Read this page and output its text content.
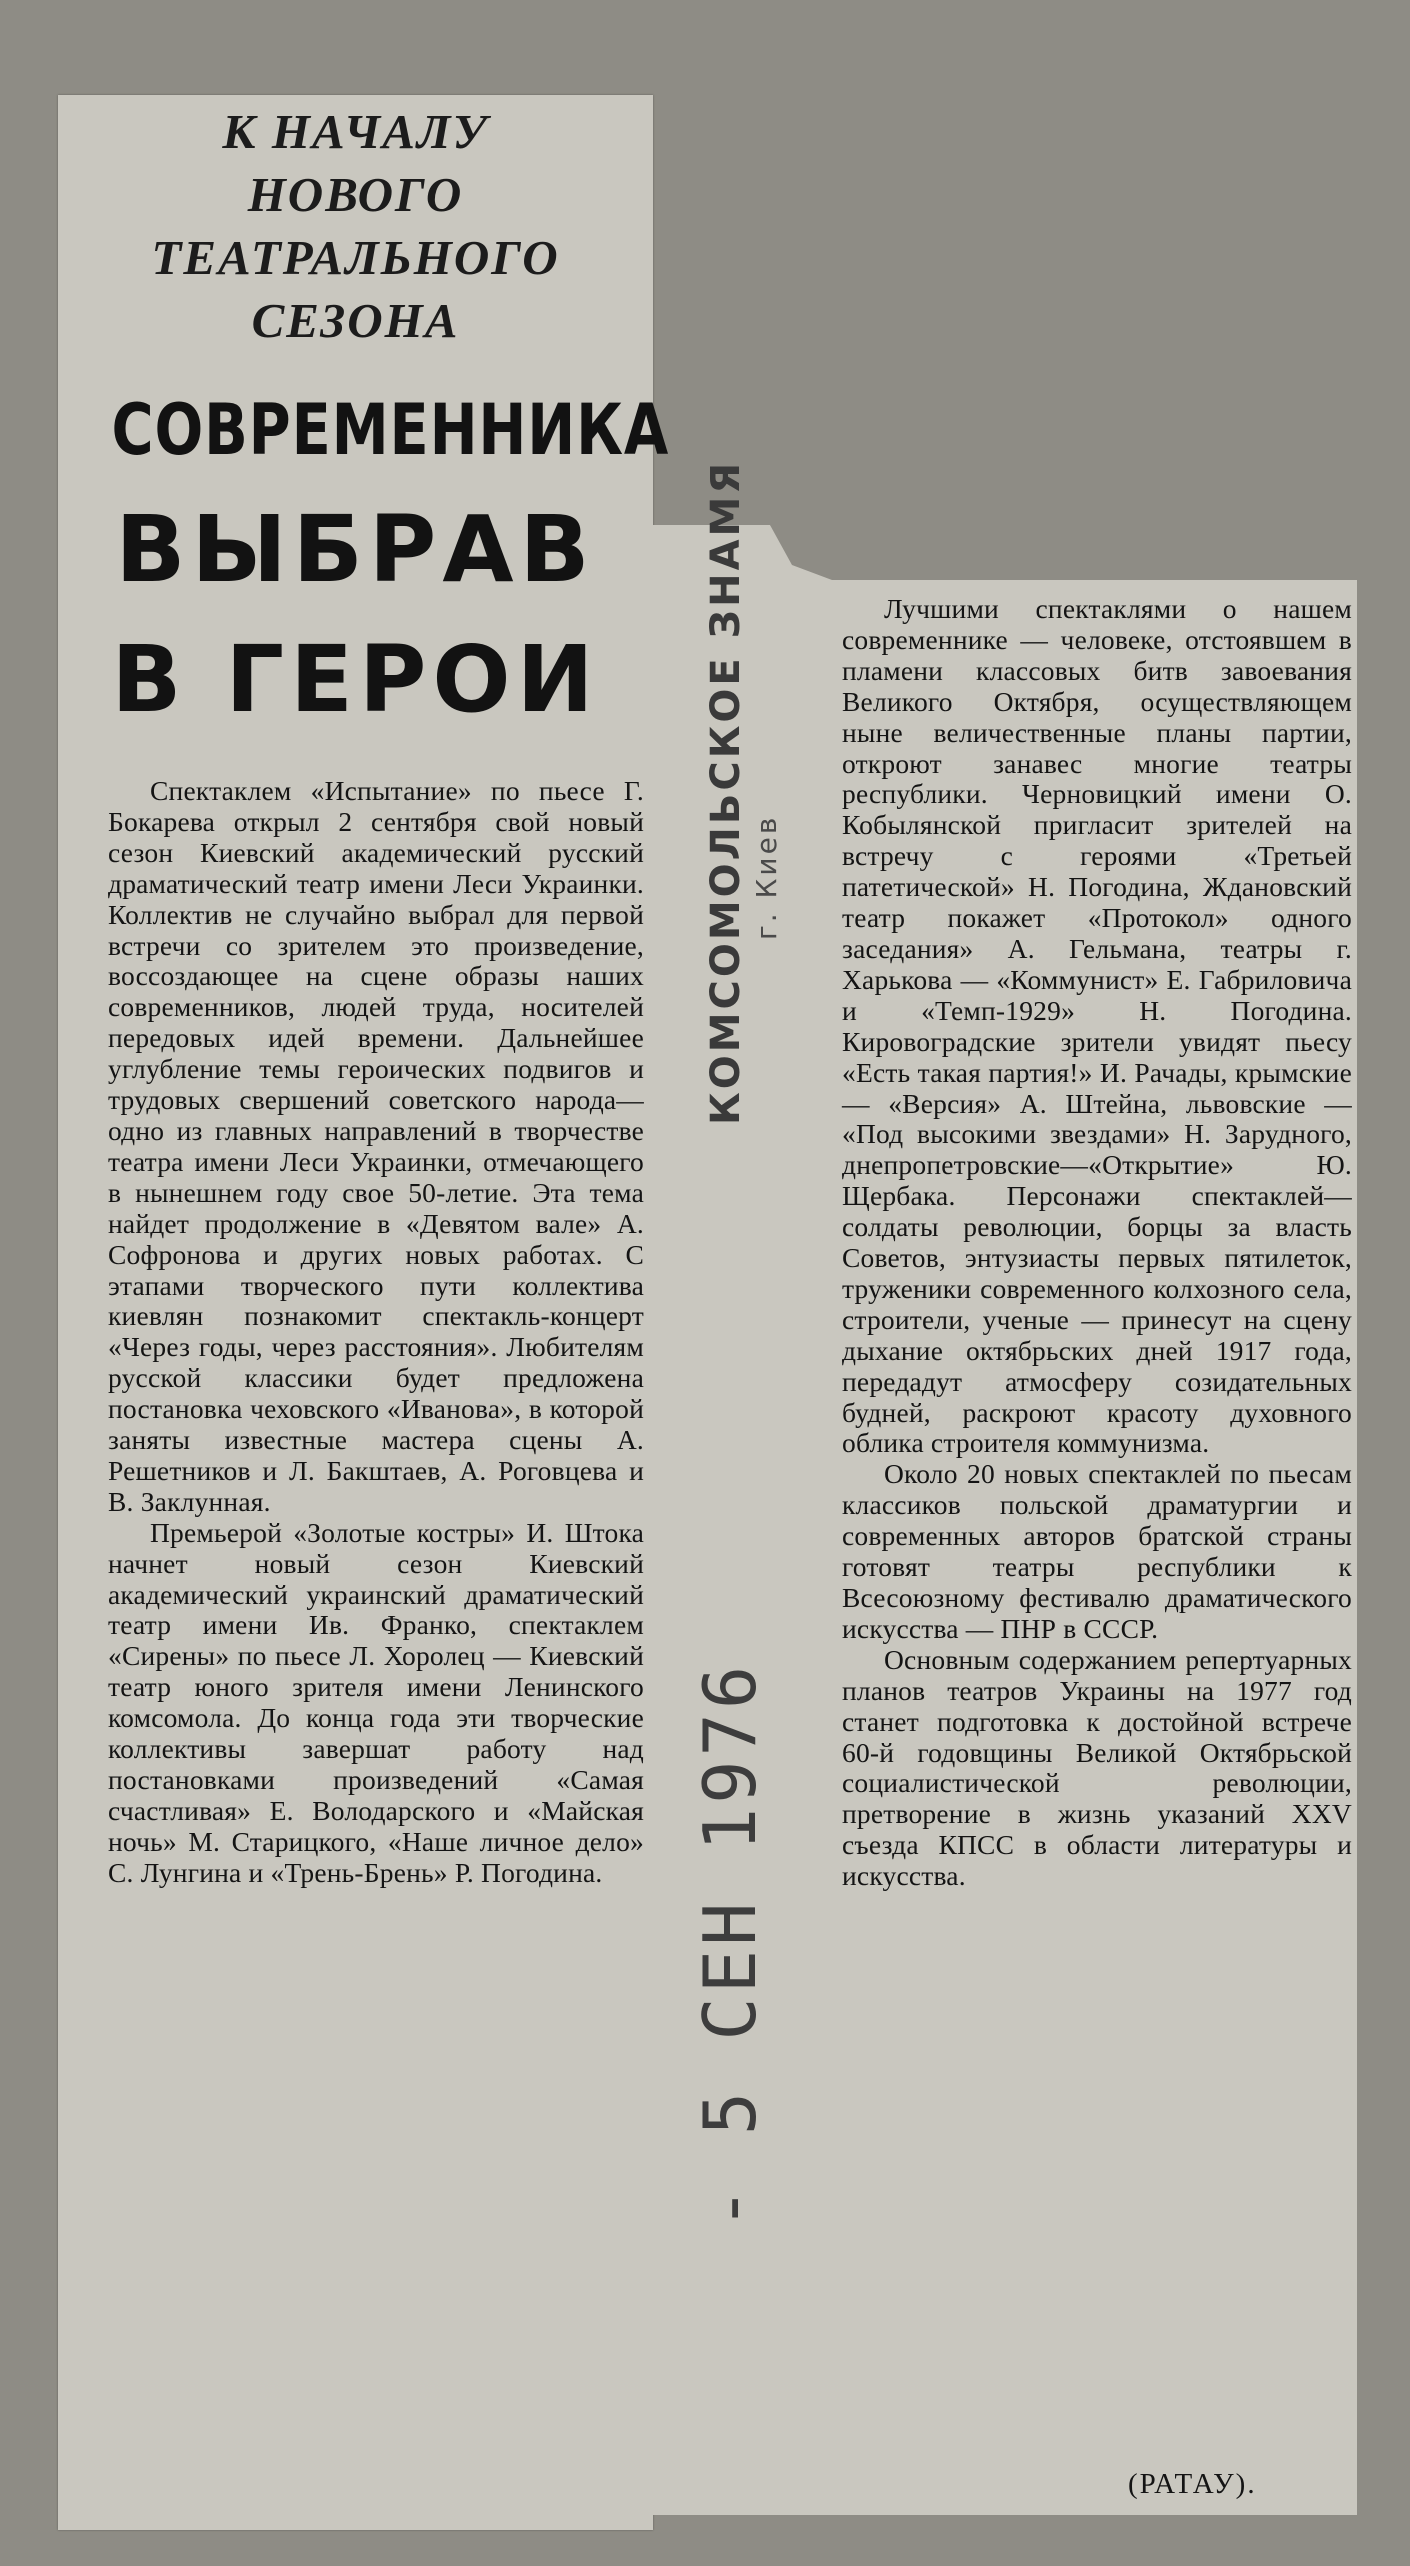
К НАЧАЛУ
НОВОГО
ТЕАТРАЛЬНОГО
СЕЗОНА
СОВРЕМЕННИКА
ВЫБРАВ
В ГЕРОИ	КОМСОМОЛЬСКОЕ ЗНАМЯ г. Киев
- 5 СЕН 1976

Спектаклем «Испытание» по пьесе Г. Бокарева открыл 2 сентября свой новый сезон Киевский академический русский драматический театр имени Леси Украинки. Коллектив не случайно выбрал для первой встречи со зрителем это произведение, воссоздающее на сцене образы наших современников, людей труда, носителей передовых идей времени. Дальнейшее углубление темы героических подвигов и трудовых свершений советского народа— одно из главных направлений в творчестве театра имени Леси Украинки, отмечающего в нынешнем году свое 50-летие. Эта тема найдет продолжение в «Девятом вале» А. Софронова и других новых работах. С этапами творческого пути коллектива киевлян познакомит спектакль-концерт «Через годы, через расстояния». Любителям русской классики будет предложена постановка чеховского «Иванова», в которой заняты известные мастера сцены А. Решетников и Л. Бакштаев, А. Роговцева и В. Заклунная.

Премьерой «Золотые костры» И. Штока начнет новый сезон Киевский академический украинский драматический театр имени Ив. Франко, спектаклем «Сирены» по пьесе Л. Хоролец — Киевский театр юного зрителя имени Ленинского комсомола. До конца года эти творческие коллективы завершат работу над постановками произведений «Самая счастливая» Е. Володарского и «Майская ночь» М. Старицкого, «Наше личное дело» С. Лунгина и «Трень-Брень» Р. Погодина.

Лучшими спектаклями о нашем современнике — человеке, отстоявшем в пламени классовых битв завоевания Великого Октября, осуществляющем ныне величественные планы партии, откроют занавес многие театры республики. Черновицкий имени О. Кобылянской пригласит зрителей на встречу с героями «Третьей патетической» Н. Погодина, Ждановский театр покажет «Протокол» одного заседания» А. Гельмана, театры г. Харькова — «Коммунист» Е. Габриловича и «Темп-1929» Н. Погодина. Кировоградские зрители увидят пьесу «Есть такая партия!» И. Рачады, крымские — «Версия» А. Штейна, львовские — «Под высокими звездами» Н. Зарудного, днепропетровские—«Открытие» Ю. Щербака. Персонажи спектаклей— солдаты революции, борцы за власть Советов, энтузиасты первых пятилеток, труженики современного колхозного села, строители, ученые — принесут на сцену дыхание октябрьских дней 1917 года, передадут атмосферу созидательных будней, раскроют красоту духовного облика строителя коммунизма.

Около 20 новых спектаклей по пьесам классиков польской драматургии и современных авторов братской страны готовят театры республики к Всесоюзному фестивалю драматического искусства — ПНР в СССР.

Основным содержанием репертуарных планов театров Украины на 1977 год станет подготовка к достойной встрече 60-й годовщины Великой Октябрьской социалистической революции, претворение в жизнь указаний XXV съезда КПСС в области литературы и искусства.

(РАТАУ).
